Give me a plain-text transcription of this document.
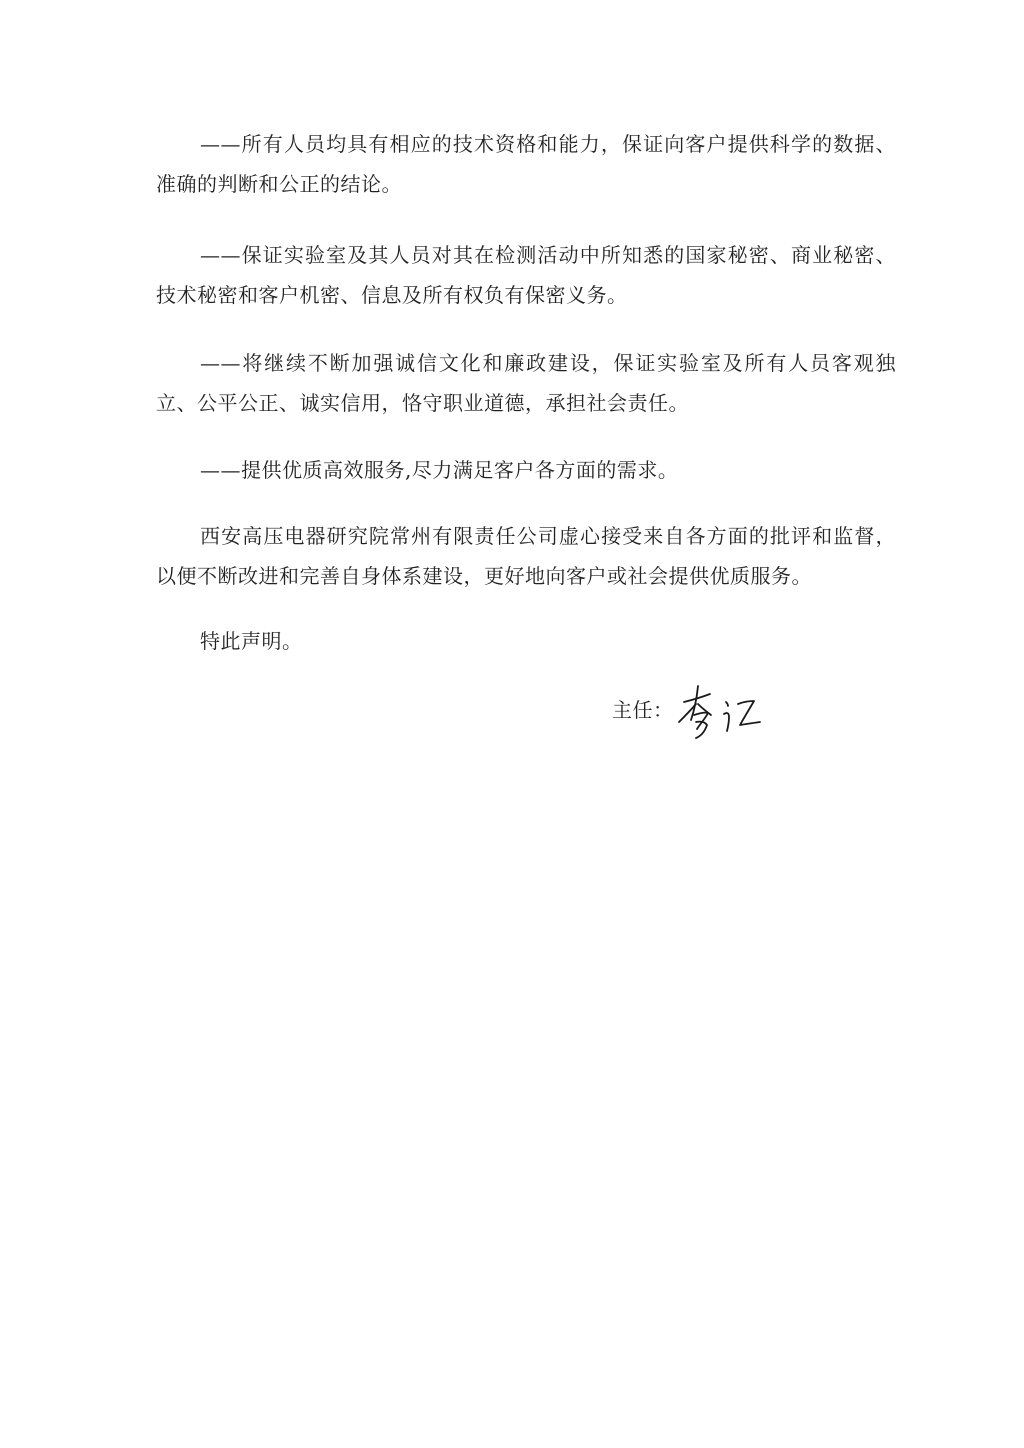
——所有人员均具有相应的技术资格和能力，保证向客户提供科学的数据、准确的判断和公正的结论。

——保证实验室及其人员对其在检测活动中所知悉的国家秘密、商业秘密、技术秘密和客户机密、信息及所有权负有保密义务。

——将继续不断加强诚信文化和廉政建设，保证实验室及所有人员客观独立、公平公正、诚实信用，恪守职业道德，承担社会责任。

——提供优质高效服务,尽力满足客户各方面的需求。

西安高压电器研究院常州有限责任公司虚心接受来自各方面的批评和监督，以便不断改进和完善自身体系建设，更好地向客户或社会提供优质服务。

特此声明。

主任：
